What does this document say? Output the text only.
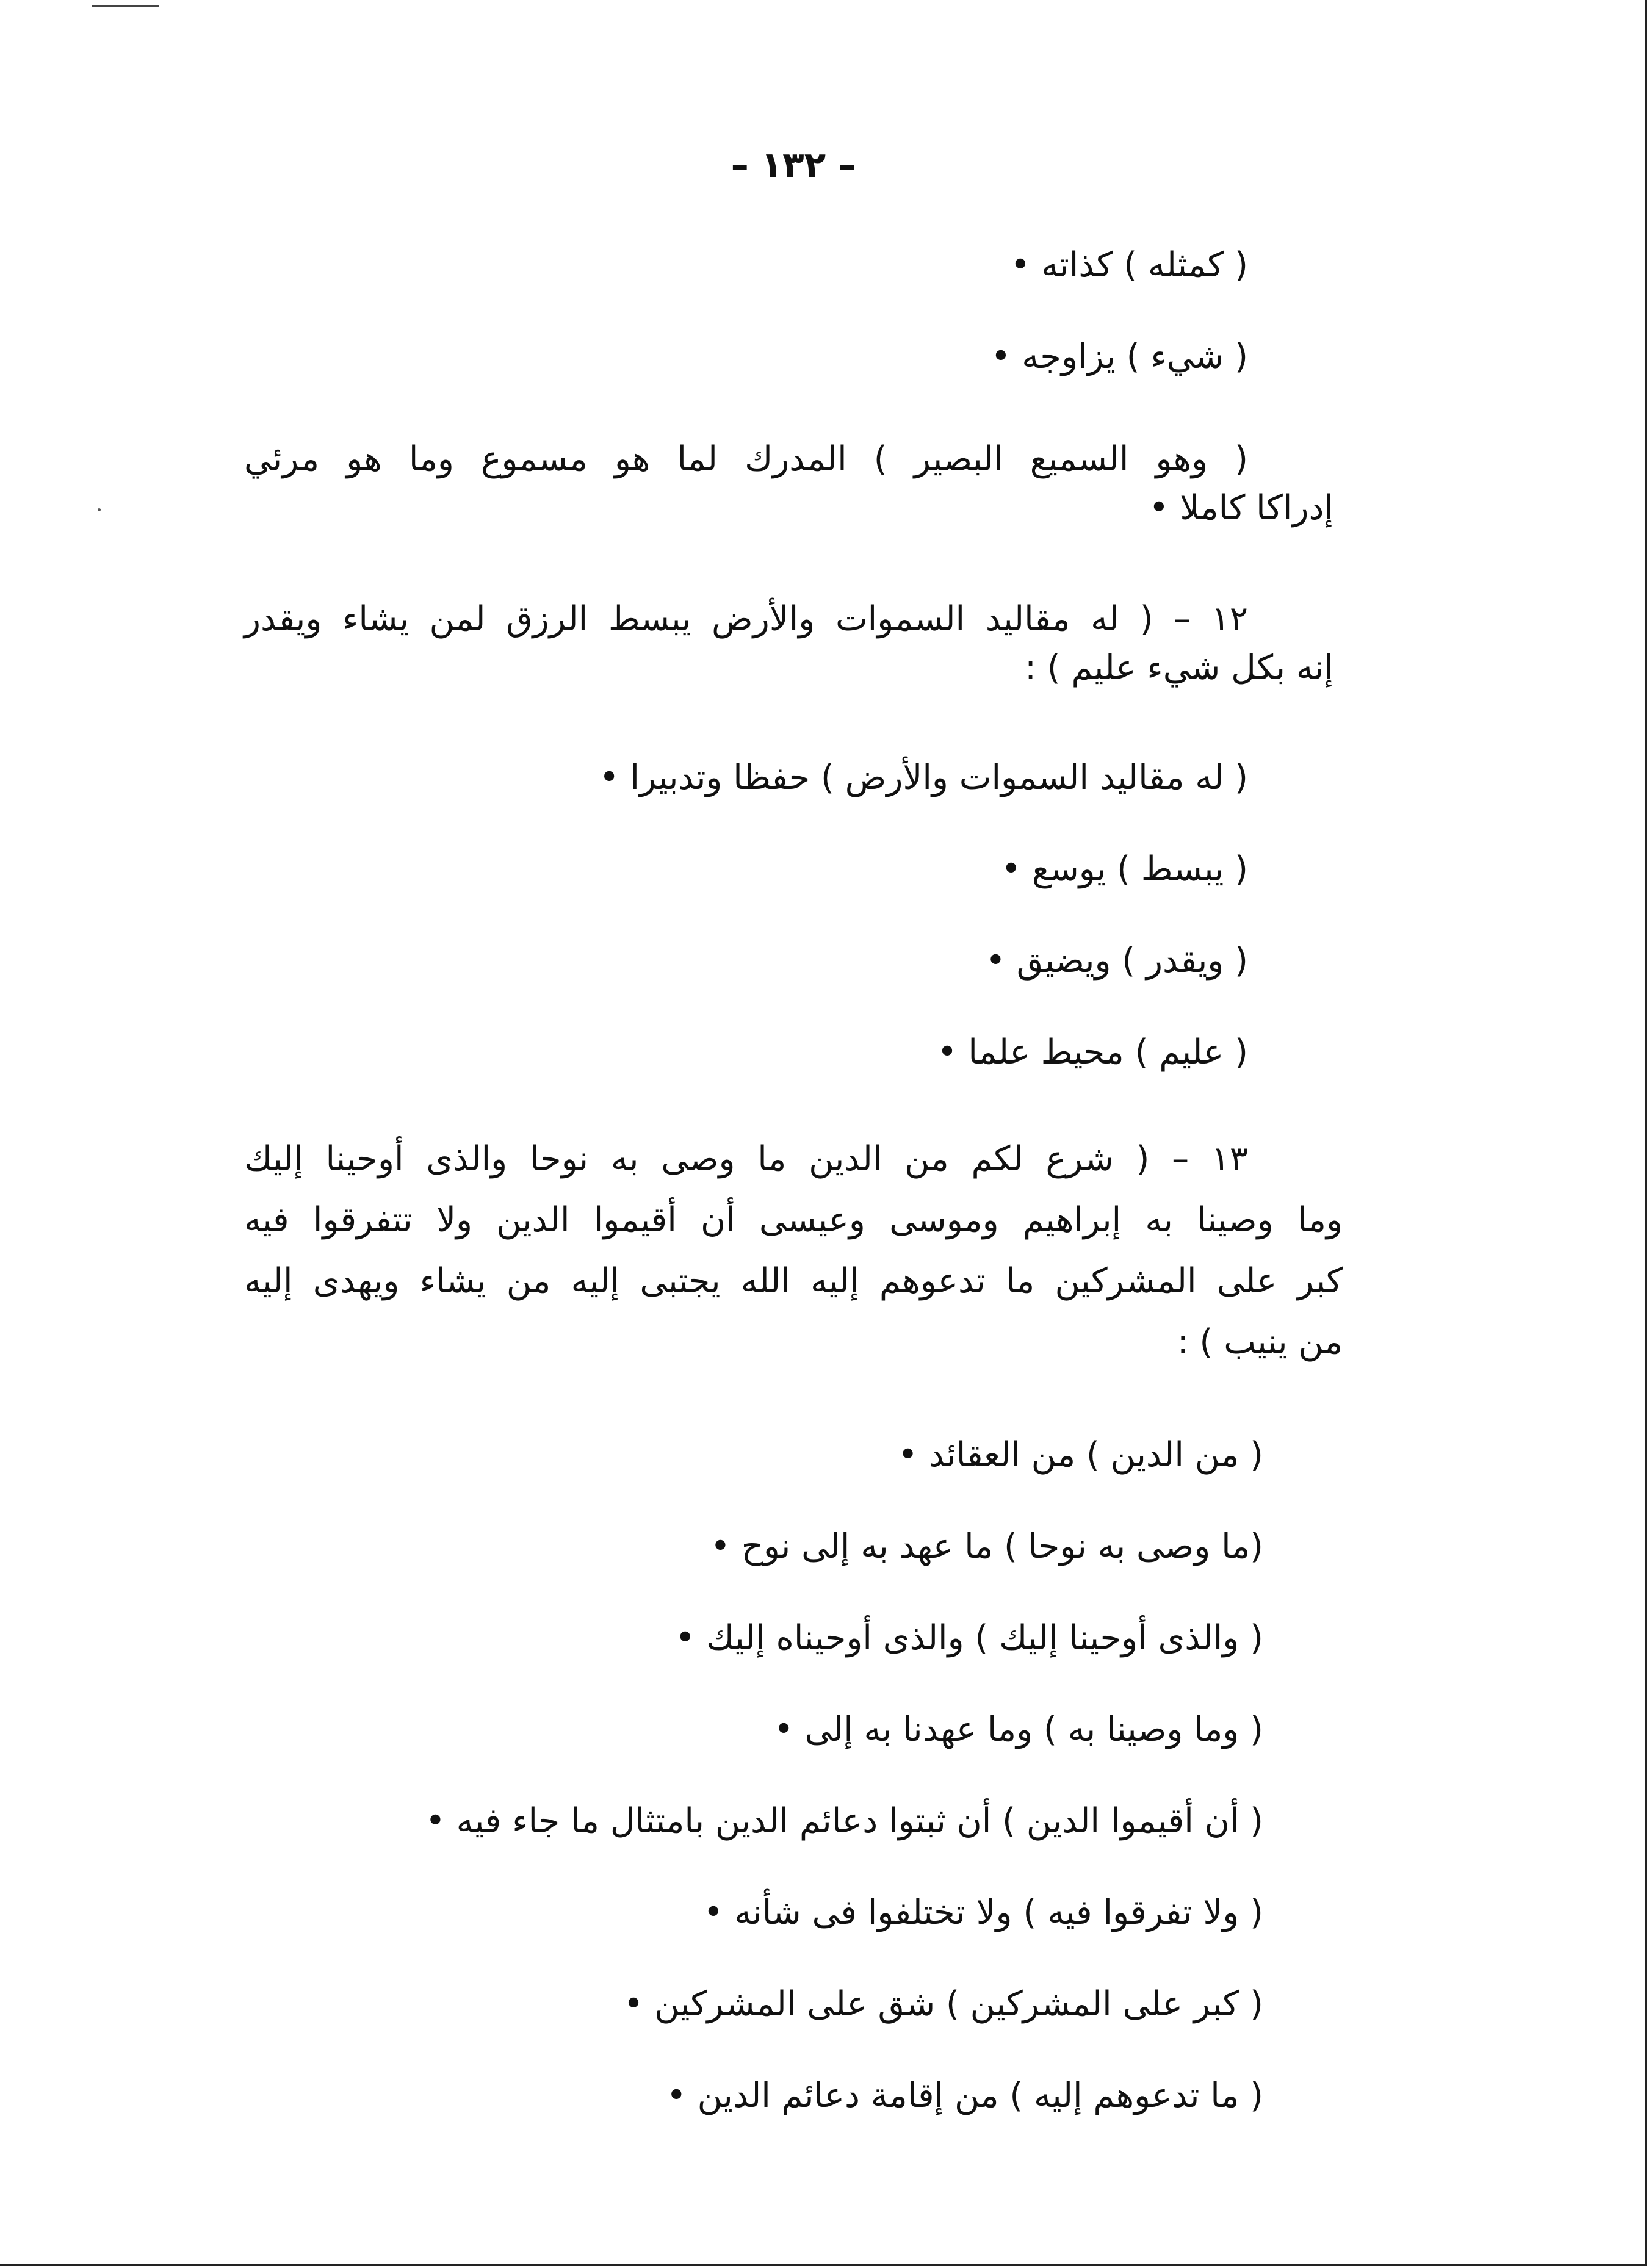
– ١٣٢ –
( كمثله ) كذاته •
( شيء ) يزاوجه •
( وهو السميع البصير ) المدرك لما هو مسموع وما هو مرئي
إدراكا كاملا •
١٢ – ( له مقاليد السموات والأرض يبسط الرزق لمن يشاء ويقدر
إنه بكل شيء عليم ) :
( له مقاليد السموات والأرض ) حفظا وتدبيرا •
( يبسط ) يوسع •
( ويقدر ) ويضيق •
( عليم ) محيط علما •
١٣ – ( شرع لكم من الدين ما وصى به نوحا والذى أوحينا إليك
وما وصينا به إبراهيم وموسى وعيسى أن أقيموا الدين ولا تتفرقوا فيه
كبر على المشركين ما تدعوهم إليه الله يجتبى إليه من يشاء ويهدى إليه
من ينيب ) :
( من الدين ) من العقائد •
(ما وصى به نوحا ) ما عهد به إلى نوح •
( والذى أوحينا إليك ) والذى أوحيناه إليك •
( وما وصينا به ) وما عهدنا به إلى •
( أن أقيموا الدين ) أن ثبتوا دعائم الدين بامتثال ما جاء فيه •
( ولا تفرقوا فيه ) ولا تختلفوا فى شأنه •
( كبر على المشركين ) شق على المشركين •
( ما تدعوهم إليه ) من إقامة دعائم الدين •
